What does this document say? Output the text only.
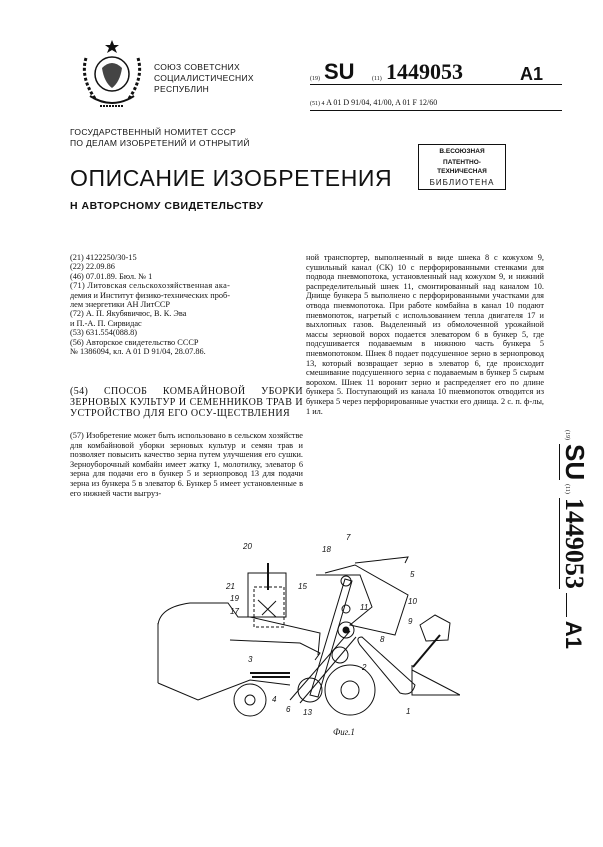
СОЮЗ СОВЕТСНИХ
СОЦИАЛИСТИЧЕСНИХ
РЕСПУБЛИН
ГОСУДАРСТВЕННЫЙ НОМИТЕТ СССР
ПО ДЕЛАМ ИЗОБРЕТЕНИЙ И ОТНРЫТИЙ
(19) SU	(11) 1449053	A1
(51) 4 A 01 D 91/04, 41/00, A 01 F 12/60
В.ЕСОЮЗНАЯ
ПАТЕНТНО-ТЕХНИЧЕСНАЯ
БИБЛИОТЕНА
ОПИСАНИЕ ИЗОБРЕТЕНИЯ
Н АВТОРСНОМУ СВИДЕТЕЛЬСТВУ
(21) 4122250/30-15
(22) 22.09.86
(46) 07.01.89. Бюл. № 1
(71) Литовская сельскохозяйственная ака-
демия и Институт физико-технических проб-
лем энергетики АН ЛитССР
(72) А. П. Якубявичюс, В. К. Эва
и П.-А. П. Сирвидас
(53) 631.554(088.8)
(56) Авторское свидетельство СССР
№ 1386094, кл. A 01 D 91/04, 28.07.86.
(54) СПОСОБ КОМБАЙНОВОЙ УБОРКИ ЗЕРНОВЫХ КУЛЬТУР И СЕМЕННИКОВ ТРАВ И УСТРОЙСТВО ДЛЯ ЕГО ОСУ-ЩЕСТВЛЕНИЯ
(57) Изобретение может быть использовано в сельском хозяйстве для комбайновой уборки зерновых культур и семян трав и позволяет повысить качество зерна путем улучшения его сушки. Зерноуборочный комбайн имеет жатку 1, молотилку, элеватор 6 зерна для подачи его в бункер 5 и зернопровод 13 для подачи зерна из бункера 5 в элеватор 6. Бункер 5 имеет установленные в его нижней части выгруз-
ной транспортер, выполненный в виде шнека 8 с кожухом 9, сушильный канал (СК) 10 с перфорированными стенками для подвода пневмопотока, установленный над кожухом 9, и нижний распределительный шнек 11, смонтированный над каналом 10. Днище бункера 5 выполнено с перфорированными участками для отвода пневмопотока. При работе комбайна в канал 10 подают пневмопоток, нагретый с использованием тепла двигателя 17 и выхлопных газов. Выделенный из обмолоченной урожайной массы зерновой ворох подается элеватором 6 в бункер 5, где подсушивается подаваемым в нижнюю часть бункера 5 пневмопотоком. Шнек 8 подает подсушенное зерно в зернопровод 13, который возвращает зерно в элеватор 6, где происходит смешивание подсушенного зерна с подаваемым в бункер 5 сырым ворохом. Шнек 11 воронит зерно и распределяет его по длине бункера 5. Поступающий из канала 10 пневмопоток отводится из бункера 5 через перфорированные участки его днища. 2 с. п. ф-лы, 1 ил.
(19) SU (11) 1449053  A1
20	18
7
21
19
17
15
5
11
10
9
8
3
2
4
6 13	1
Фиг.1
